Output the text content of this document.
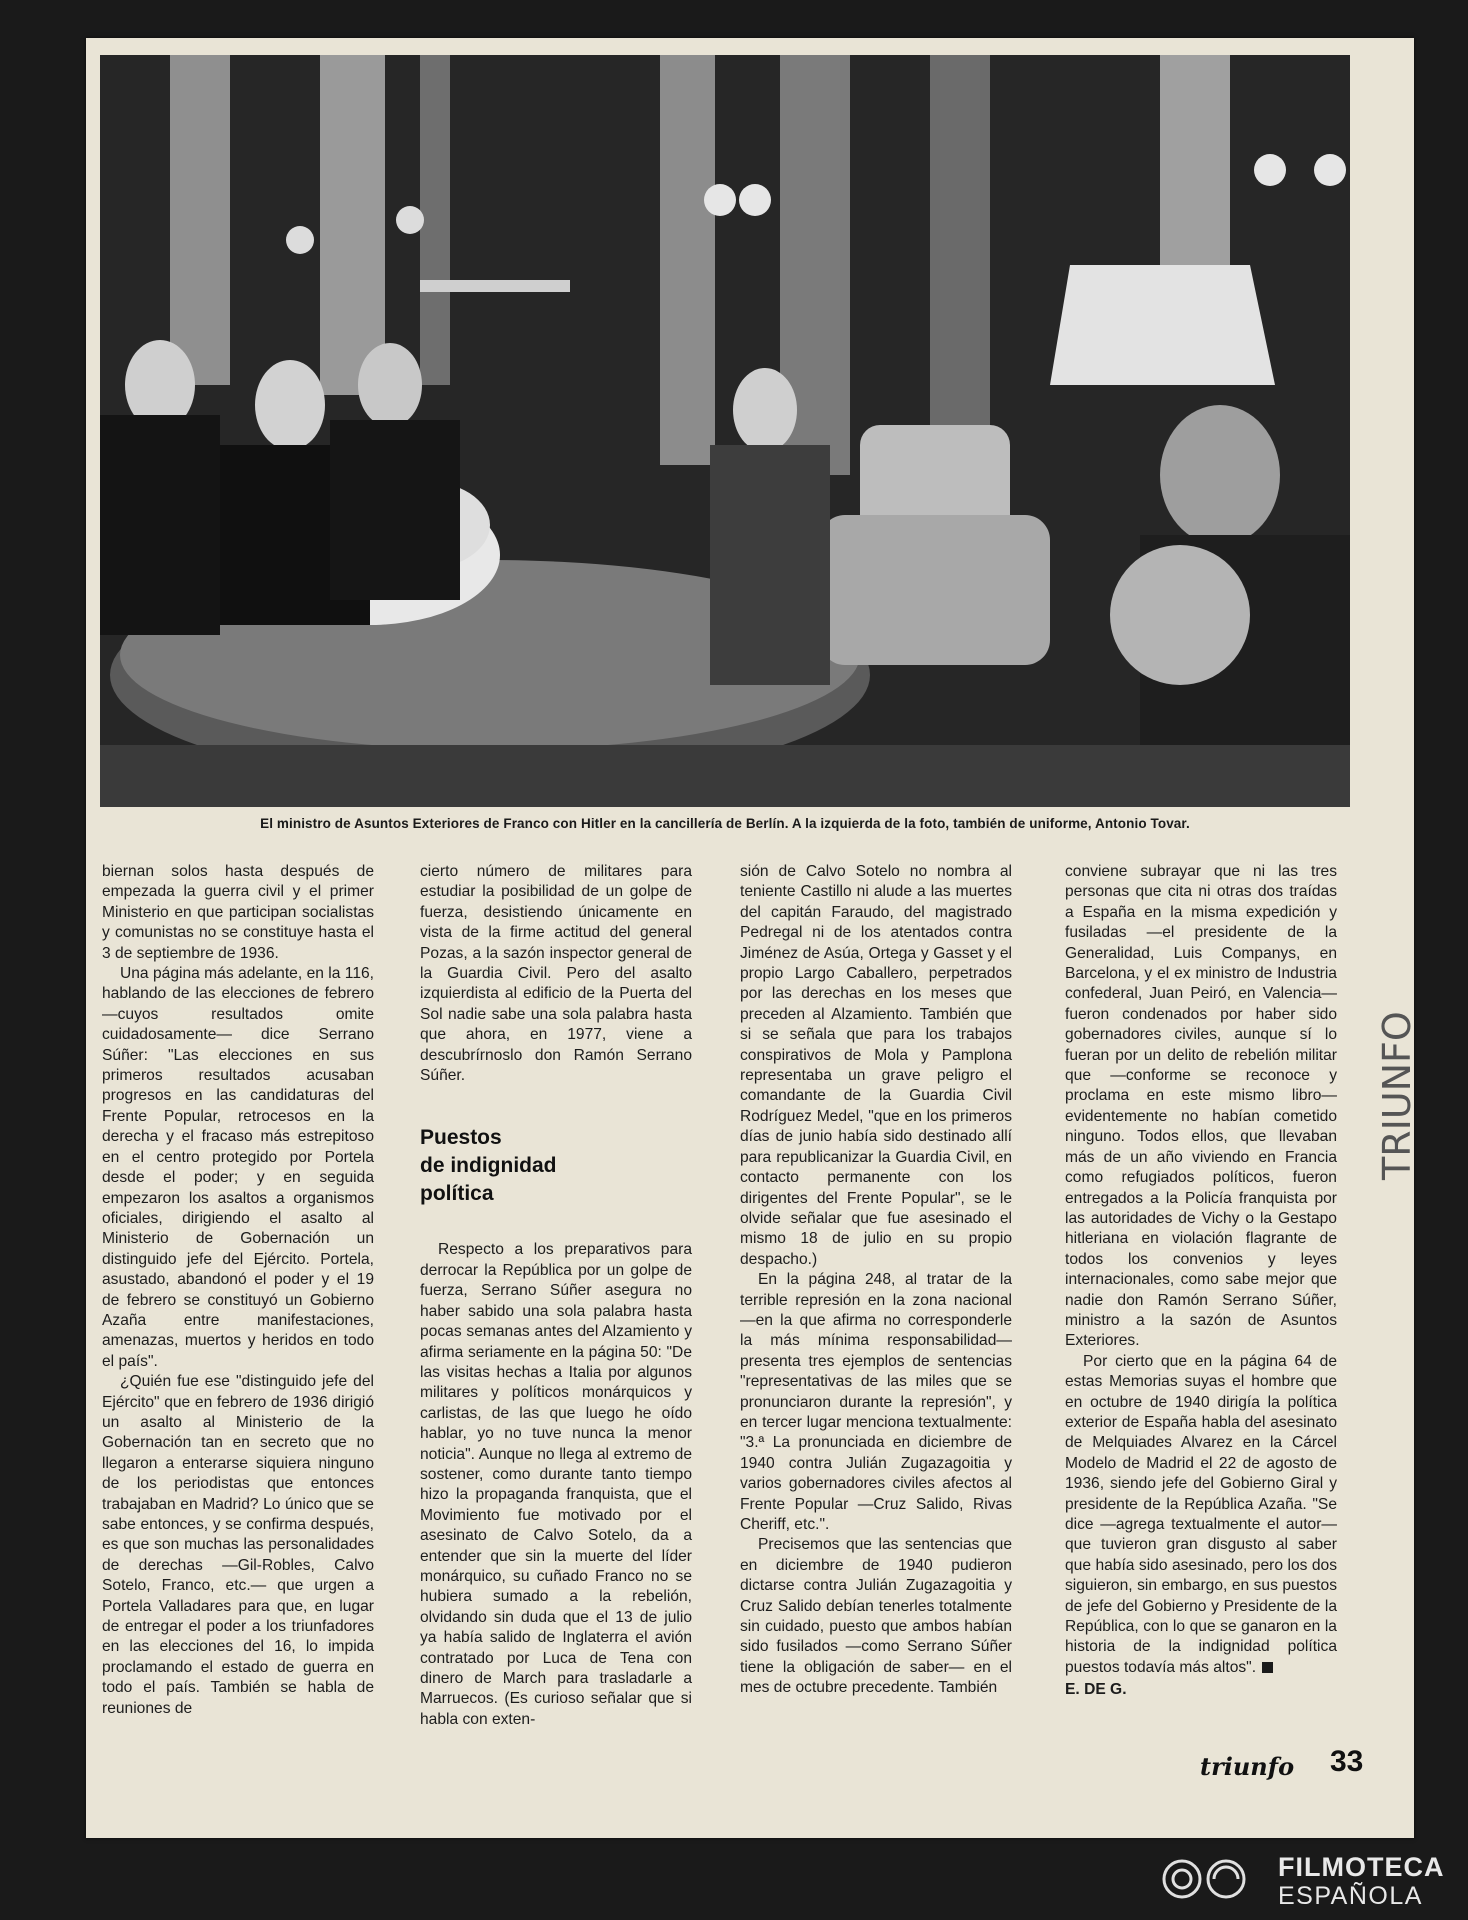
El ministro de Asuntos Exteriores de Franco con Hitler en la cancillería de Berlín. A la izquierda de la foto, también de uniforme, Antonio Tovar.

biernan solos hasta después de empezada la guerra civil y el primer Ministerio en que participan socialistas y comunistas no se constituye hasta el 3 de septiembre de 1936.

Una página más adelante, en la 116, hablando de las elecciones de febrero —cuyos resultados omite cuidadosamente— dice Serrano Súñer: "Las elecciones en sus primeros resultados acusaban progresos en las candidaturas del Frente Popular, retrocesos en la derecha y el fracaso más estrepitoso en el centro protegido por Portela desde el poder; y en seguida empezaron los asaltos a organismos oficiales, dirigiendo el asalto al Ministerio de Gobernación un distinguido jefe del Ejército. Portela, asustado, abandonó el poder y el 19 de febrero se constituyó un Gobierno Azaña entre manifestaciones, amenazas, muertos y heridos en todo el país".

¿Quién fue ese "distinguido jefe del Ejército" que en febrero de 1936 dirigió un asalto al Ministerio de la Gobernación tan en secreto que no llegaron a enterarse siquiera ninguno de los periodistas que entonces trabajaban en Madrid? Lo único que se sabe entonces, y se confirma después, es que son muchas las personalidades de derechas —Gil-Robles, Calvo Sotelo, Franco, etc.— que urgen a Portela Valladares para que, en lugar de entregar el poder a los triunfadores en las elecciones del 16, lo impida proclamando el estado de guerra en todo el país. También se habla de reuniones de

cierto número de militares para estudiar la posibilidad de un golpe de fuerza, desistiendo únicamente en vista de la firme actitud del general Pozas, a la sazón inspector general de la Guardia Civil. Pero del asalto izquierdista al edificio de la Puerta del Sol nadie sabe una sola palabra hasta que ahora, en 1977, viene a descubrírnoslo don Ramón Serrano Súñer.

Puestos
de indignidad
política

Respecto a los preparativos para derrocar la República por un golpe de fuerza, Serrano Súñer asegura no haber sabido una sola palabra hasta pocas semanas antes del Alzamiento y afirma seriamente en la página 50: "De las visitas hechas a Italia por algunos militares y políticos monárquicos y carlistas, de las que luego he oído hablar, yo no tuve nunca la menor noticia". Aunque no llega al extremo de sostener, como durante tanto tiempo hizo la propaganda franquista, que el Movimiento fue motivado por el asesinato de Calvo Sotelo, da a entender que sin la muerte del líder monárquico, su cuñado Franco no se hubiera sumado a la rebelión, olvidando sin duda que el 13 de julio ya había salido de Inglaterra el avión contratado por Luca de Tena con dinero de March para trasladarle a Marruecos. (Es curioso señalar que si habla con exten-

sión de Calvo Sotelo no nombra al teniente Castillo ni alude a las muertes del capitán Faraudo, del magistrado Pedregal ni de los atentados contra Jiménez de Asúa, Ortega y Gasset y el propio Largo Caballero, perpetrados por las derechas en los meses que preceden al Alzamiento. También que si se señala que para los trabajos conspirativos de Mola y Pamplona representaba un grave peligro el comandante de la Guardia Civil Rodríguez Medel, "que en los primeros días de junio había sido destinado allí para republicanizar la Guardia Civil, en contacto permanente con los dirigentes del Frente Popular", se le olvide señalar que fue asesinado el mismo 18 de julio en su propio despacho.)

En la página 248, al tratar de la terrible represión en la zona nacional —en la que afirma no corresponderle la más mínima responsabilidad— presenta tres ejemplos de sentencias "representativas de las miles que se pronunciaron durante la represión", y en tercer lugar menciona textualmente: "3.ª La pronunciada en diciembre de 1940 contra Julián Zugazagoitia y varios gobernadores civiles afectos al Frente Popular —Cruz Salido, Rivas Cheriff, etc.".

Precisemos que las sentencias que en diciembre de 1940 pudieron dictarse contra Julián Zugazagoitia y Cruz Salido debían tenerles totalmente sin cuidado, puesto que ambos habían sido fusilados —como Serrano Súñer tiene la obligación de saber— en el mes de octubre precedente. También

conviene subrayar que ni las tres personas que cita ni otras dos traídas a España en la misma expedición y fusiladas —el presidente de la Generalidad, Luis Companys, en Barcelona, y el ex ministro de Industria confederal, Juan Peiró, en Valencia— fueron condenados por haber sido gobernadores civiles, aunque sí lo fueran por un delito de rebelión militar que —conforme se reconoce y proclama en este mismo libro— evidentemente no habían cometido ninguno. Todos ellos, que llevaban más de un año viviendo en Francia como refugiados políticos, fueron entregados a la Policía franquista por las autoridades de Vichy o la Gestapo hitleriana en violación flagrante de todos los convenios y leyes internacionales, como sabe mejor que nadie don Ramón Serrano Súñer, ministro a la sazón de Asuntos Exteriores.

Por cierto que en la página 64 de estas Memorias suyas el hombre que en octubre de 1940 dirigía la política exterior de España habla del asesinato de Melquiades Alvarez en la Cárcel Modelo de Madrid el 22 de agosto de 1936, siendo jefe del Gobierno Giral y presidente de la República Azaña. "Se dice —agrega textualmente el autor— que tuvieron gran disgusto al saber que había sido asesinado, pero los dos siguieron, sin embargo, en sus puestos de jefe del Gobierno y Presidente de la República, con lo que se ganaron en la historia de la indignidad política puestos todavía más altos".

E. DE G.
TRIUNFO
triunfo 33
FILMOTECA
ESPAÑOLA
